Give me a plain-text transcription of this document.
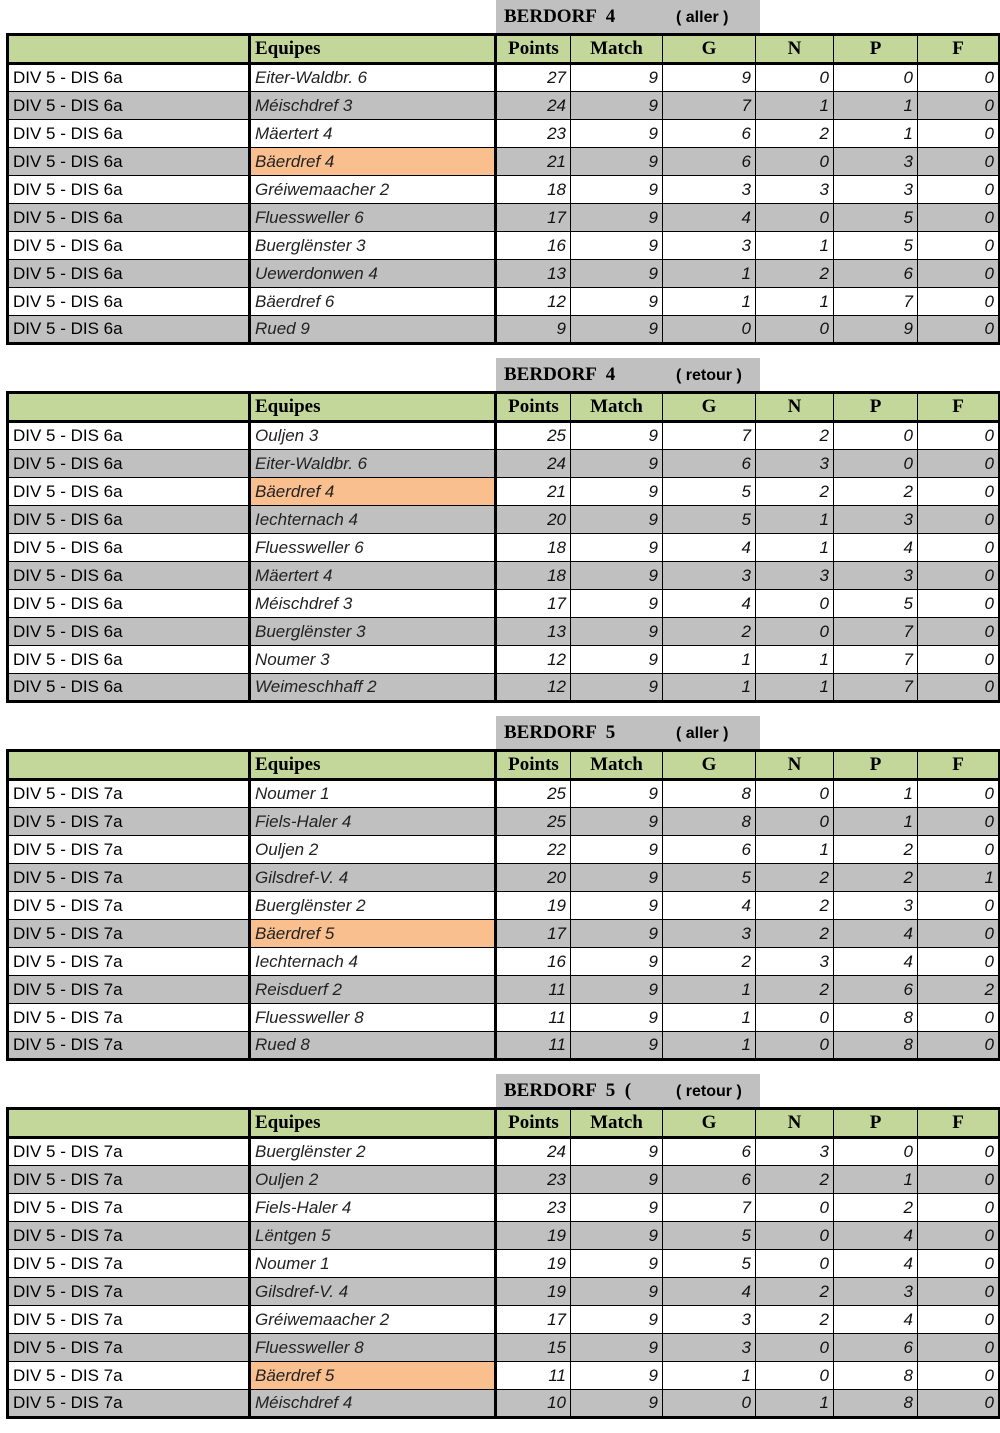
BERDORF  4	( aller )
	Equipes	Points	Match	G	N	P	F
DIV 5 - DIS 6a	Eiter-Waldbr. 6	27	9	9	0	0	0
DIV 5 - DIS 6a	Méischdref 3	24	9	7	1	1	0
DIV 5 - DIS 6a	Mäertert 4	23	9	6	2	1	0
DIV 5 - DIS 6a	Bäerdref 4	21	9	6	0	3	0
DIV 5 - DIS 6a	Gréiwemaacher 2	18	9	3	3	3	0
DIV 5 - DIS 6a	Fluessweller 6	17	9	4	0	5	0
DIV 5 - DIS 6a	Buerglënster 3	16	9	3	1	5	0
DIV 5 - DIS 6a	Uewerdonwen 4	13	9	1	2	6	0
DIV 5 - DIS 6a	Bäerdref 6	12	9	1	1	7	0
DIV 5 - DIS 6a	Rued 9	9	9	0	0	9	0
BERDORF  4	( retour )
	Equipes	Points	Match	G	N	P	F
DIV 5 - DIS 6a	Ouljen 3	25	9	7	2	0	0
DIV 5 - DIS 6a	Eiter-Waldbr. 6	24	9	6	3	0	0
DIV 5 - DIS 6a	Bäerdref 4	21	9	5	2	2	0
DIV 5 - DIS 6a	Iechternach 4	20	9	5	1	3	0
DIV 5 - DIS 6a	Fluessweller 6	18	9	4	1	4	0
DIV 5 - DIS 6a	Mäertert 4	18	9	3	3	3	0
DIV 5 - DIS 6a	Méischdref 3	17	9	4	0	5	0
DIV 5 - DIS 6a	Buerglënster 3	13	9	2	0	7	0
DIV 5 - DIS 6a	Noumer 3	12	9	1	1	7	0
DIV 5 - DIS 6a	Weimeschhaff 2	12	9	1	1	7	0
BERDORF  5	( aller )
	Equipes	Points	Match	G	N	P	F
DIV 5 - DIS 7a	Noumer 1	25	9	8	0	1	0
DIV 5 - DIS 7a	Fiels-Haler 4	25	9	8	0	1	0
DIV 5 - DIS 7a	Ouljen 2	22	9	6	1	2	0
DIV 5 - DIS 7a	Gilsdref-V. 4	20	9	5	2	2	1
DIV 5 - DIS 7a	Buerglënster 2	19	9	4	2	3	0
DIV 5 - DIS 7a	Bäerdref 5	17	9	3	2	4	0
DIV 5 - DIS 7a	Iechternach 4	16	9	2	3	4	0
DIV 5 - DIS 7a	Reisduerf 2	11	9	1	2	6	2
DIV 5 - DIS 7a	Fluessweller 8	11	9	1	0	8	0
DIV 5 - DIS 7a	Rued 8	11	9	1	0	8	0
BERDORF  5  (	( retour )
	Equipes	Points	Match	G	N	P	F
DIV 5 - DIS 7a	Buerglënster 2	24	9	6	3	0	0
DIV 5 - DIS 7a	Ouljen 2	23	9	6	2	1	0
DIV 5 - DIS 7a	Fiels-Haler 4	23	9	7	0	2	0
DIV 5 - DIS 7a	Lëntgen 5	19	9	5	0	4	0
DIV 5 - DIS 7a	Noumer 1	19	9	5	0	4	0
DIV 5 - DIS 7a	Gilsdref-V. 4	19	9	4	2	3	0
DIV 5 - DIS 7a	Gréiwemaacher 2	17	9	3	2	4	0
DIV 5 - DIS 7a	Fluessweller 8	15	9	3	0	6	0
DIV 5 - DIS 7a	Bäerdref 5	11	9	1	0	8	0
DIV 5 - DIS 7a	Méischdref 4	10	9	0	1	8	0
